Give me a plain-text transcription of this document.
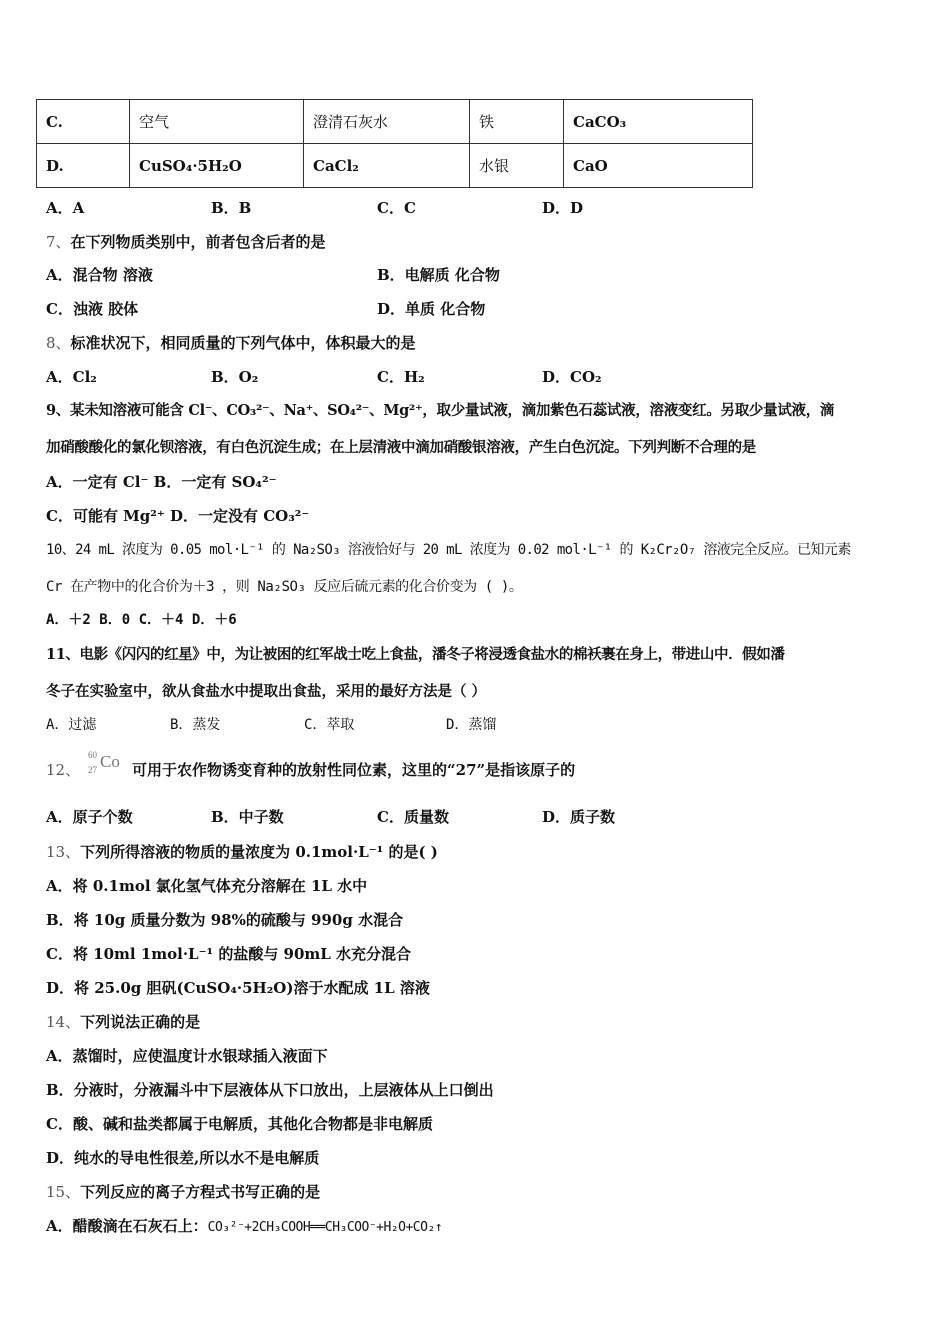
C.	空气	澄清石灰水	铁	CaCO₃
D.	CuSO₄·5H₂O	CaCl₂	水银	CaO
A．A	B．B	C．C	D．D
7、在下列物质类别中，前者包含后者的是
A．混合物 溶液	B．电解质 化合物
C．浊液 胶体	D．单质 化合物
8、标准状况下，相同质量的下列气体中，体积最大的是
A．Cl₂	B．O₂	C．H₂	D．CO₂
9、某未知溶液可能含 Cl⁻、CO₃²⁻、Na⁺、SO₄²⁻、Mg²⁺，取少量试液，滴加紫色石蕊试液，溶液变红。另取少量试液，滴
加硝酸酸化的氯化钡溶液，有白色沉淀生成；在上层清液中滴加硝酸银溶液，产生白色沉淀。下列判断不合理的是
A．一定有 Cl⁻ B．一定有 SO₄²⁻
C．可能有 Mg²⁺ D．一定没有 CO₃²⁻
10、24 mL 浓度为 0.05 mol·L⁻¹ 的 Na₂SO₃ 溶液恰好与 20 mL 浓度为 0.02 mol·L⁻¹ 的 K₂Cr₂O₇ 溶液完全反应。已知元素
Cr 在产物中的化合价为＋3 ，则 Na₂SO₃ 反应后硫元素的化合价变为 ( )。
A．＋2 B．0 C．＋4 D．＋6
11、电影《闪闪的红星》中，为让被困的红军战士吃上食盐，潘冬子将浸透食盐水的棉袄裹在身上，带进山中．假如潘
冬子在实验室中，欲从食盐水中提取出食盐，采用的最好方法是（ ）
A．过滤	B．蒸发	C．萃取	D．蒸馏
12、
60
27 Co 可用于农作物诱变育种的放射性同位素，这里的“27”是指该原子的
A．原子个数	B．中子数	C．质量数	D．质子数
13、下列所得溶液的物质的量浓度为 0.1mol·L⁻¹ 的是( )
A．将 0.1mol 氯化氢气体充分溶解在 1L 水中
B．将 10g 质量分数为 98%的硫酸与 990g 水混合
C．将 10ml 1mol·L⁻¹ 的盐酸与 90mL 水充分混合
D．将 25.0g 胆矾(CuSO₄·5H₂O)溶于水配成 1L 溶液
14、下列说法正确的是
A．蒸馏时，应使温度计水银球插入液面下
B．分液时，分液漏斗中下层液体从下口放出，上层液体从上口倒出
C．酸、碱和盐类都属于电解质，其他化合物都是非电解质
D．纯水的导电性很差,所以水不是电解质
15、下列反应的离子方程式书写正确的是
A．醋酸滴在石灰石上：CO₃²⁻+2CH₃COOH══CH₃COO⁻+H₂O+CO₂↑
